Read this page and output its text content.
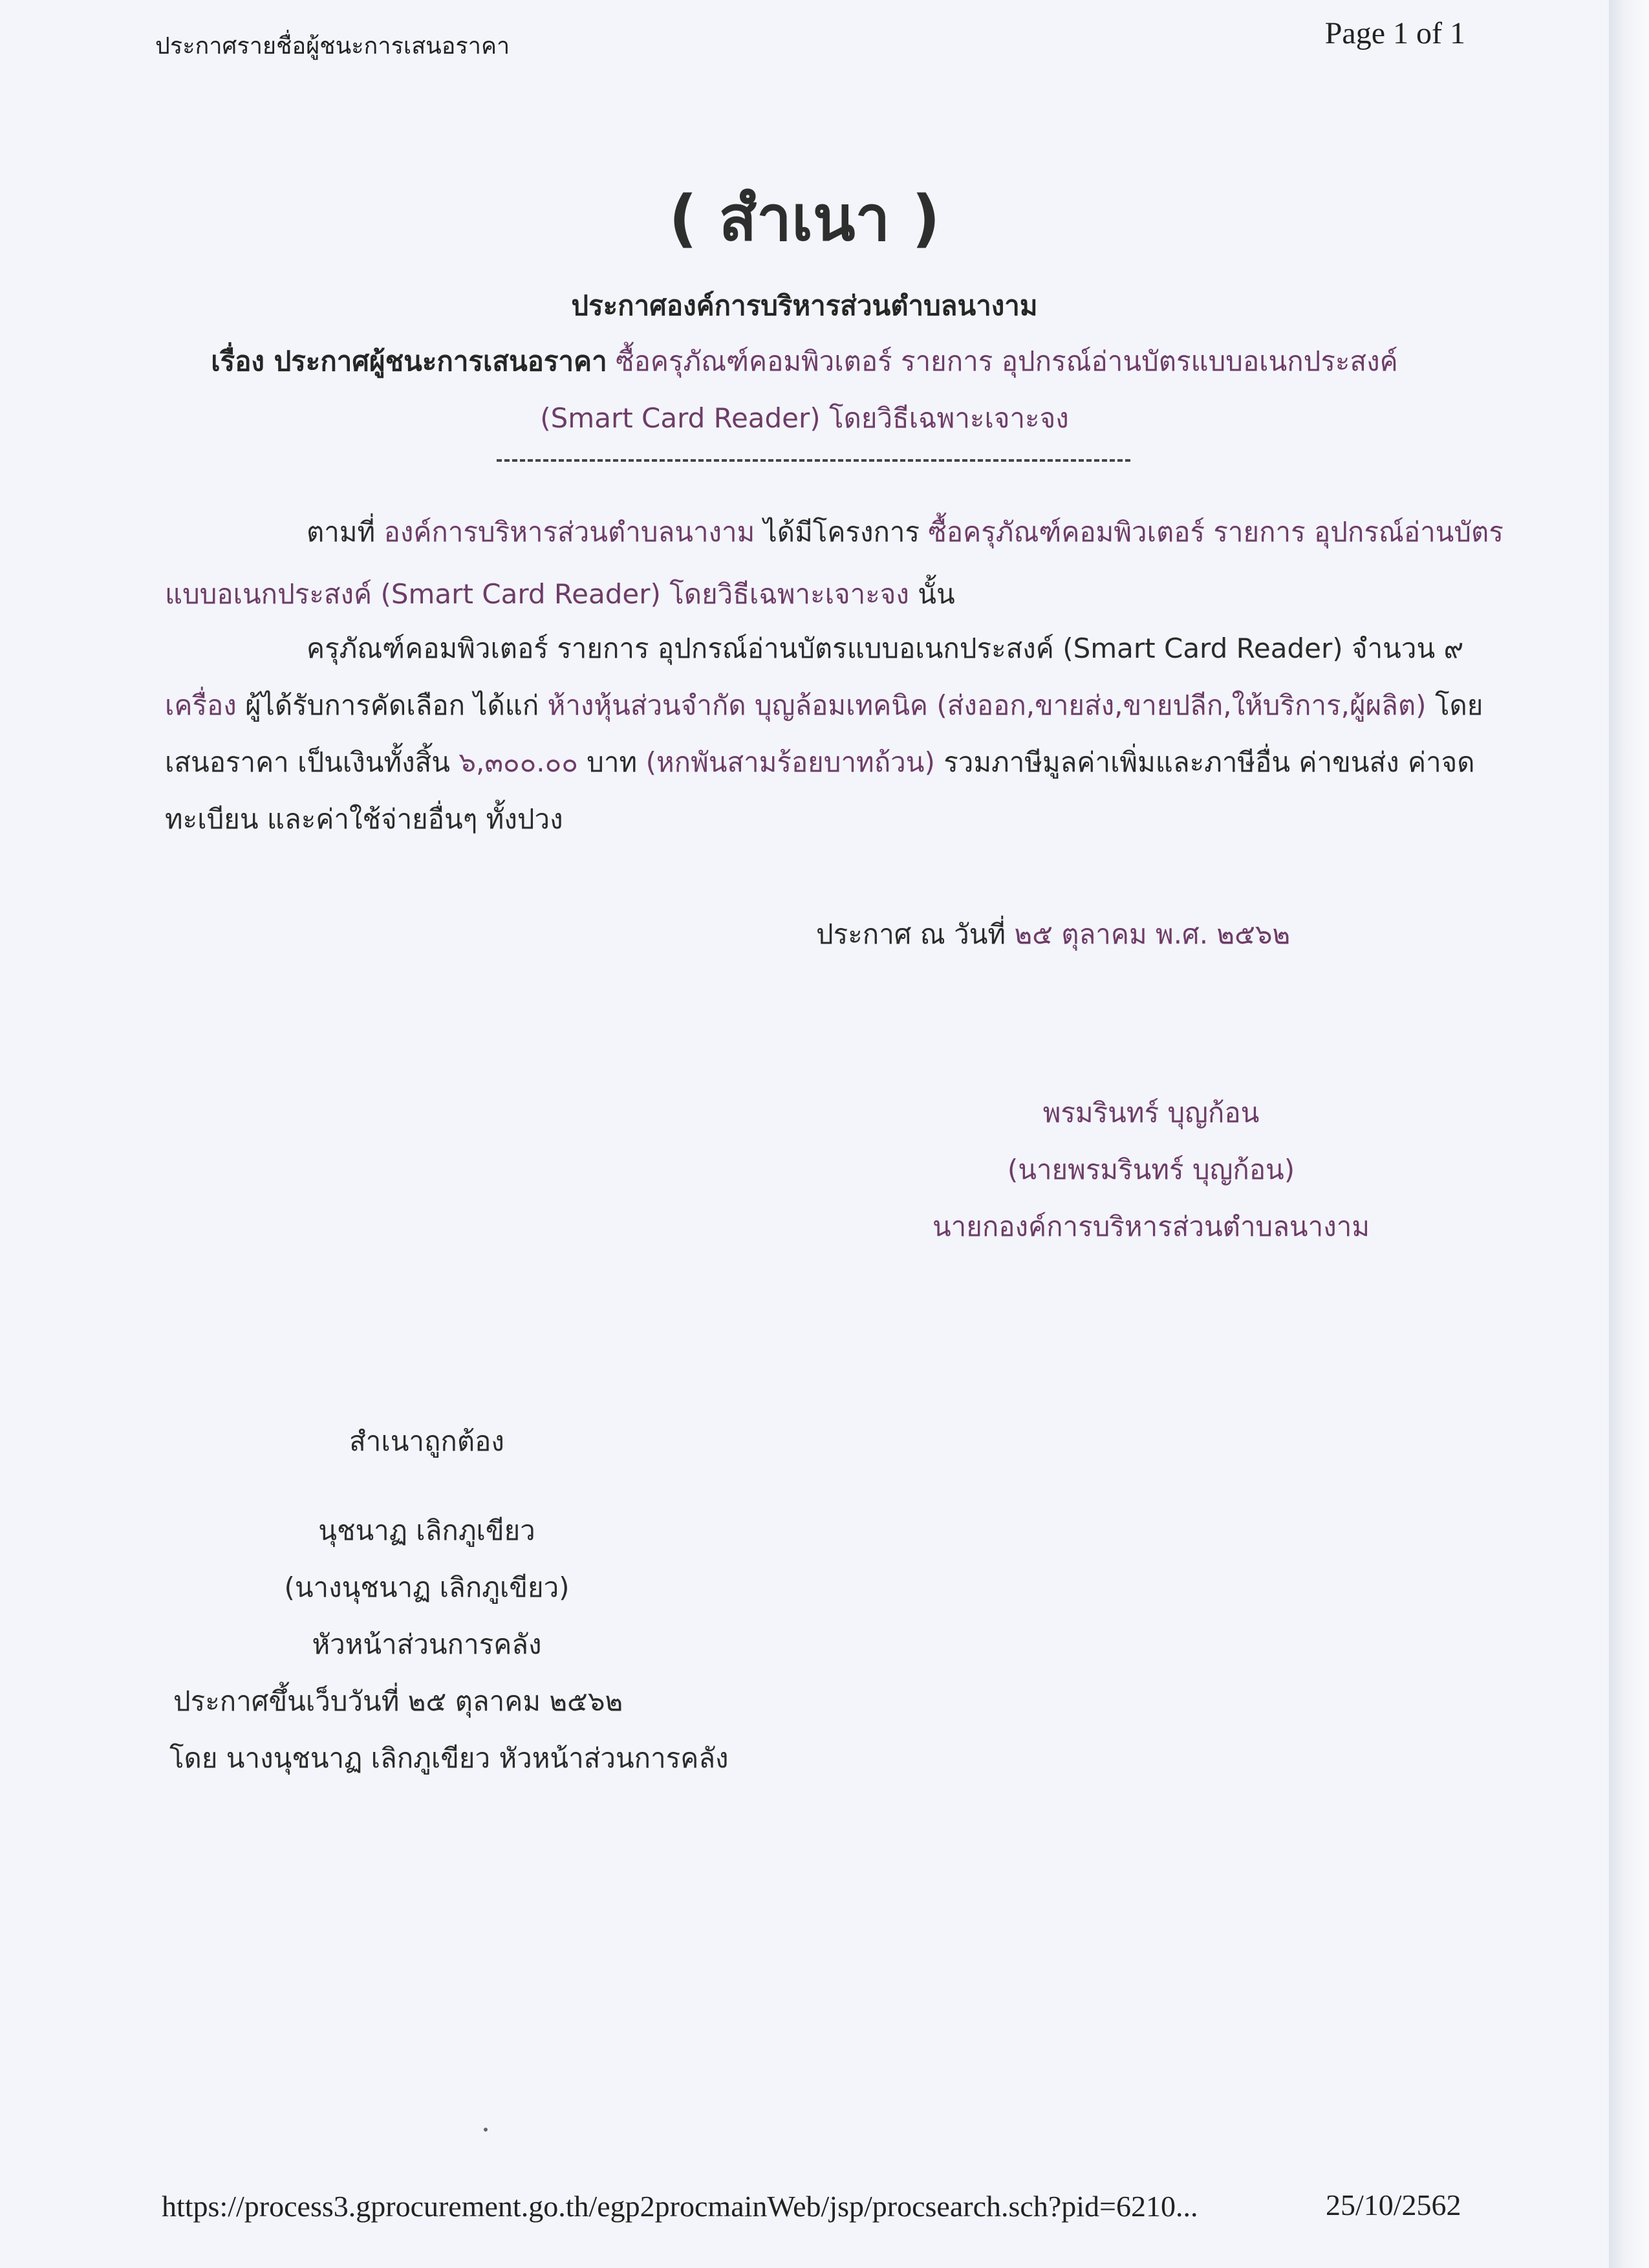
ประกาศรายชื่อผู้ชนะการเสนอราคา	Page 1 of 1
( สำเนา )
ประกาศองค์การบริหารส่วนตำบลนางาม
เรื่อง ประกาศผู้ชนะการเสนอราคา ซื้อครุภัณฑ์คอมพิวเตอร์ รายการ อุปกรณ์อ่านบัตรแบบอเนกประสงค์
(Smart Card Reader) โดยวิธีเฉพาะเจาะจง
ตามที่ องค์การบริหารส่วนตำบลนางาม ได้มีโครงการ ซื้อครุภัณฑ์คอมพิวเตอร์ รายการ อุปกรณ์อ่านบัตร
แบบอเนกประสงค์ (Smart Card Reader) โดยวิธีเฉพาะเจาะจง นั้น
ครุภัณฑ์คอมพิวเตอร์ รายการ อุปกรณ์อ่านบัตรแบบอเนกประสงค์ (Smart Card Reader) จำนวน ๙
เครื่อง ผู้ได้รับการคัดเลือก ได้แก่ ห้างหุ้นส่วนจำกัด บุญล้อมเทคนิค (ส่งออก,ขายส่ง,ขายปลีก,ให้บริการ,ผู้ผลิต) โดย
เสนอราคา เป็นเงินทั้งสิ้น ๖,๓๐๐.๐๐ บาท (หกพันสามร้อยบาทถ้วน) รวมภาษีมูลค่าเพิ่มและภาษีอื่น ค่าขนส่ง ค่าจด
ทะเบียน และค่าใช้จ่ายอื่นๆ ทั้งปวง
ประกาศ ณ วันที่ ๒๕ ตุลาคม พ.ศ. ๒๕๖๒
พรมรินทร์ บุญก้อน
(นายพรมรินทร์ บุญก้อน)
นายกองค์การบริหารส่วนตำบลนางาม
สำเนาถูกต้อง
นุชนาฏ เลิกภูเขียว
(นางนุชนาฏ เลิกภูเขียว)
หัวหน้าส่วนการคลัง
ประกาศขึ้นเว็บวันที่ ๒๕ ตุลาคม ๒๕๖๒
โดย นางนุชนาฏ เลิกภูเขียว หัวหน้าส่วนการคลัง
https://process3.gprocurement.go.th/egp2procmainWeb/jsp/procsearch.sch?pid=6210...	25/10/2562
